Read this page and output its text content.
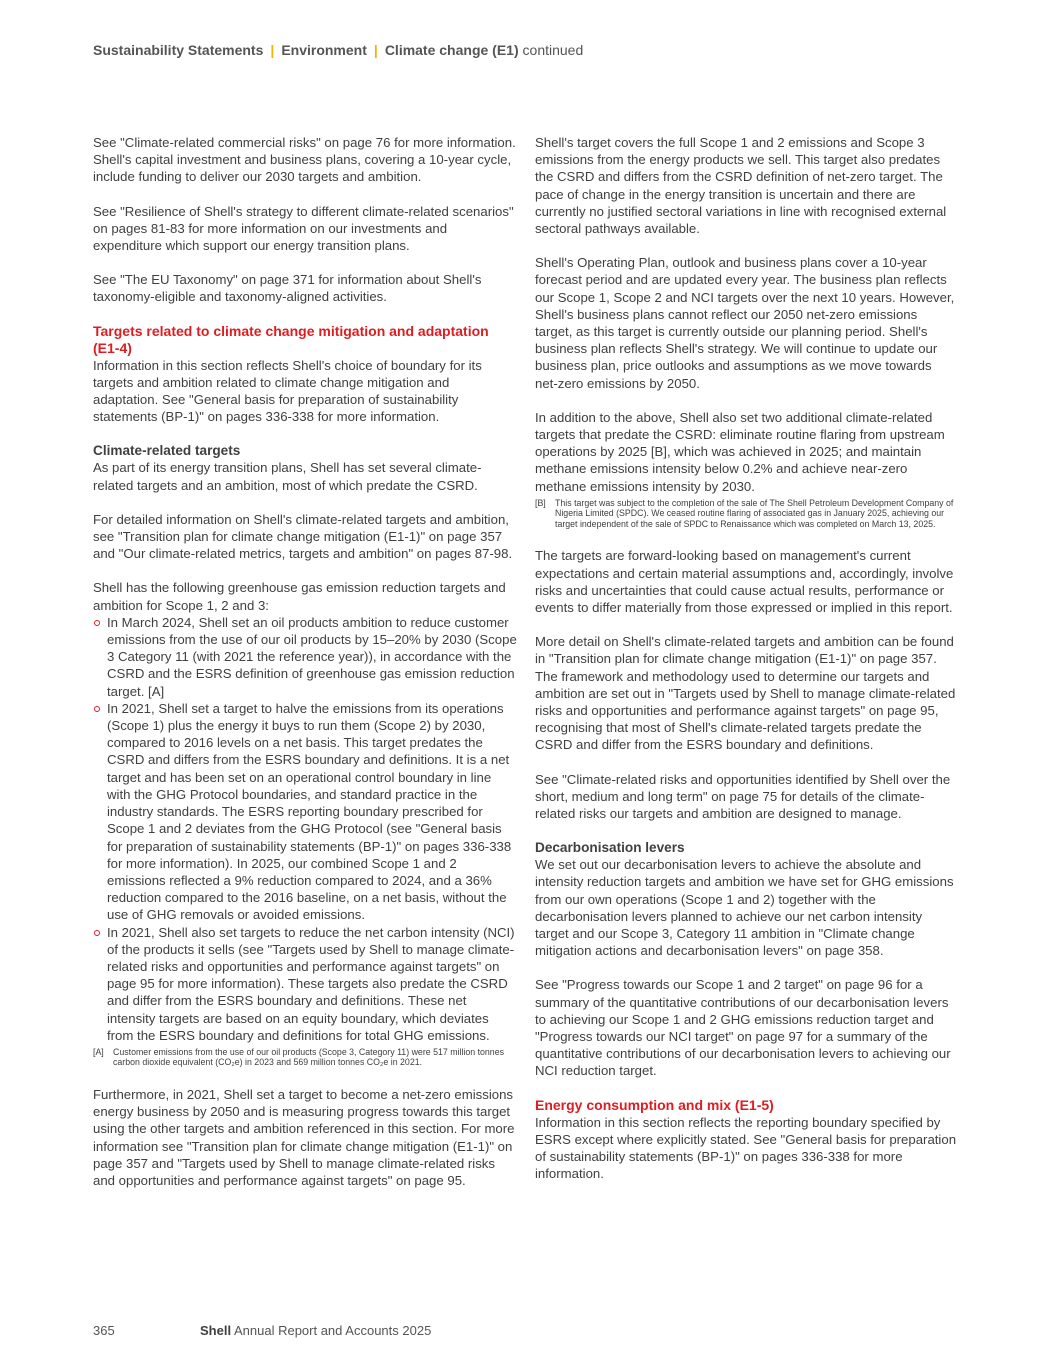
Sustainability Statements | Environment | Climate change (E1) continued

See "Climate-related commercial risks" on page 76 for more information. Shell's capital investment and business plans, covering a 10-year cycle, include funding to deliver our 2030 targets and ambition.

See "Resilience of Shell's strategy to different climate-related scenarios" on pages 81-83 for more information on our investments and expenditure which support our energy transition plans.

See "The EU Taxonomy" on page 371 for information about Shell's taxonomy-eligible and taxonomy-aligned activities.

Targets related to climate change mitigation and adaptation (E1-4)

Information in this section reflects Shell's choice of boundary for its targets and ambition related to climate change mitigation and adaptation. See "General basis for preparation of sustainability statements (BP-1)" on pages 336-338 for more information.

Climate-related targets

As part of its energy transition plans, Shell has set several climate-related targets and an ambition, most of which predate the CSRD.

For detailed information on Shell's climate-related targets and ambition, see "Transition plan for climate change mitigation (E1-1)" on page 357 and "Our climate-related metrics, targets and ambition" on pages 87-98.

Shell has the following greenhouse gas emission reduction targets and ambition for Scope 1, 2 and 3:

In March 2024, Shell set an oil products ambition to reduce customer emissions from the use of our oil products by 15–20% by 2030 (Scope 3 Category 11 (with 2021 the reference year)), in accordance with the CSRD and the ESRS definition of greenhouse gas emission reduction target. [A]
In 2021, Shell set a target to halve the emissions from its operations (Scope 1) plus the energy it buys to run them (Scope 2) by 2030, compared to 2016 levels on a net basis. This target predates the CSRD and differs from the ESRS boundary and definitions. It is a net target and has been set on an operational control boundary in line with the GHG Protocol boundaries, and standard practice in the industry standards. The ESRS reporting boundary prescribed for Scope 1 and 2 deviates from the GHG Protocol (see "General basis for preparation of sustainability statements (BP-1)" on pages 336-338 for more information). In 2025, our combined Scope 1 and 2 emissions reflected a 9% reduction compared to 2024, and a 36% reduction compared to the 2016 baseline, on a net basis, without the use of GHG removals or avoided emissions.
In 2021, Shell also set targets to reduce the net carbon intensity (NCI) of the products it sells (see "Targets used by Shell to manage climate-related risks and opportunities and performance against targets" on page 95 for more information). These targets also predate the CSRD and differ from the ESRS boundary and definitions. These net intensity targets are based on an equity boundary, which deviates from the ESRS boundary and definitions for total GHG emissions.
[A]	Customer emissions from the use of our oil products (Scope 3, Category 11) were 517 million tonnes carbon dioxide equivalent (CO₂e) in 2023 and 569 million tonnes CO₂e in 2021.

Furthermore, in 2021, Shell set a target to become a net-zero emissions energy business by 2050 and is measuring progress towards this target using the other targets and ambition referenced in this section. For more information see "Transition plan for climate change mitigation (E1-1)" on page 357 and "Targets used by Shell to manage climate-related risks and opportunities and performance against targets" on page 95.

Shell's target covers the full Scope 1 and 2 emissions and Scope 3 emissions from the energy products we sell. This target also predates the CSRD and differs from the CSRD definition of net-zero target. The pace of change in the energy transition is uncertain and there are currently no justified sectoral variations in line with recognised external sectoral pathways available.

Shell's Operating Plan, outlook and business plans cover a 10-year forecast period and are updated every year. The business plan reflects our Scope 1, Scope 2 and NCI targets over the next 10 years. However, Shell's business plans cannot reflect our 2050 net-zero emissions target, as this target is currently outside our planning period. Shell's business plan reflects Shell's strategy. We will continue to update our business plan, price outlooks and assumptions as we move towards net-zero emissions by 2050.

In addition to the above, Shell also set two additional climate-related targets that predate the CSRD: eliminate routine flaring from upstream operations by 2025 [B], which was achieved in 2025; and maintain methane emissions intensity below 0.2% and achieve near-zero methane emissions intensity by 2030.

[B]	This target was subject to the completion of the sale of The Shell Petroleum Development Company of Nigeria Limited (SPDC). We ceased routine flaring of associated gas in January 2025, achieving our target independent of the sale of SPDC to Renaissance which was completed on March 13, 2025.

The targets are forward-looking based on management's current expectations and certain material assumptions and, accordingly, involve risks and uncertainties that could cause actual results, performance or events to differ materially from those expressed or implied in this report.

More detail on Shell's climate-related targets and ambition can be found in "Transition plan for climate change mitigation (E1-1)" on page 357. The framework and methodology used to determine our targets and ambition are set out in "Targets used by Shell to manage climate-related risks and opportunities and performance against targets" on page 95, recognising that most of Shell's climate-related targets predate the CSRD and differ from the ESRS boundary and definitions.

See "Climate-related risks and opportunities identified by Shell over the short, medium and long term" on page 75 for details of the climate-related risks our targets and ambition are designed to manage.

Decarbonisation levers

We set out our decarbonisation levers to achieve the absolute and intensity reduction targets and ambition we have set for GHG emissions from our own operations (Scope 1 and 2) together with the decarbonisation levers planned to achieve our net carbon intensity target and our Scope 3, Category 11 ambition in "Climate change mitigation actions and decarbonisation levers" on page 358.

See "Progress towards our Scope 1 and 2 target" on page 96 for a summary of the quantitative contributions of our decarbonisation levers to achieving our Scope 1 and 2 GHG emissions reduction target and "Progress towards our NCI target" on page 97 for a summary of the quantitative contributions of our decarbonisation levers to achieving our NCI reduction target.

Energy consumption and mix (E1-5)

Information in this section reflects the reporting boundary specified by ESRS except where explicitly stated. See "General basis for preparation of sustainability statements (BP-1)" on pages 336-338 for more information.

365	Shell Annual Report and Accounts 2025
